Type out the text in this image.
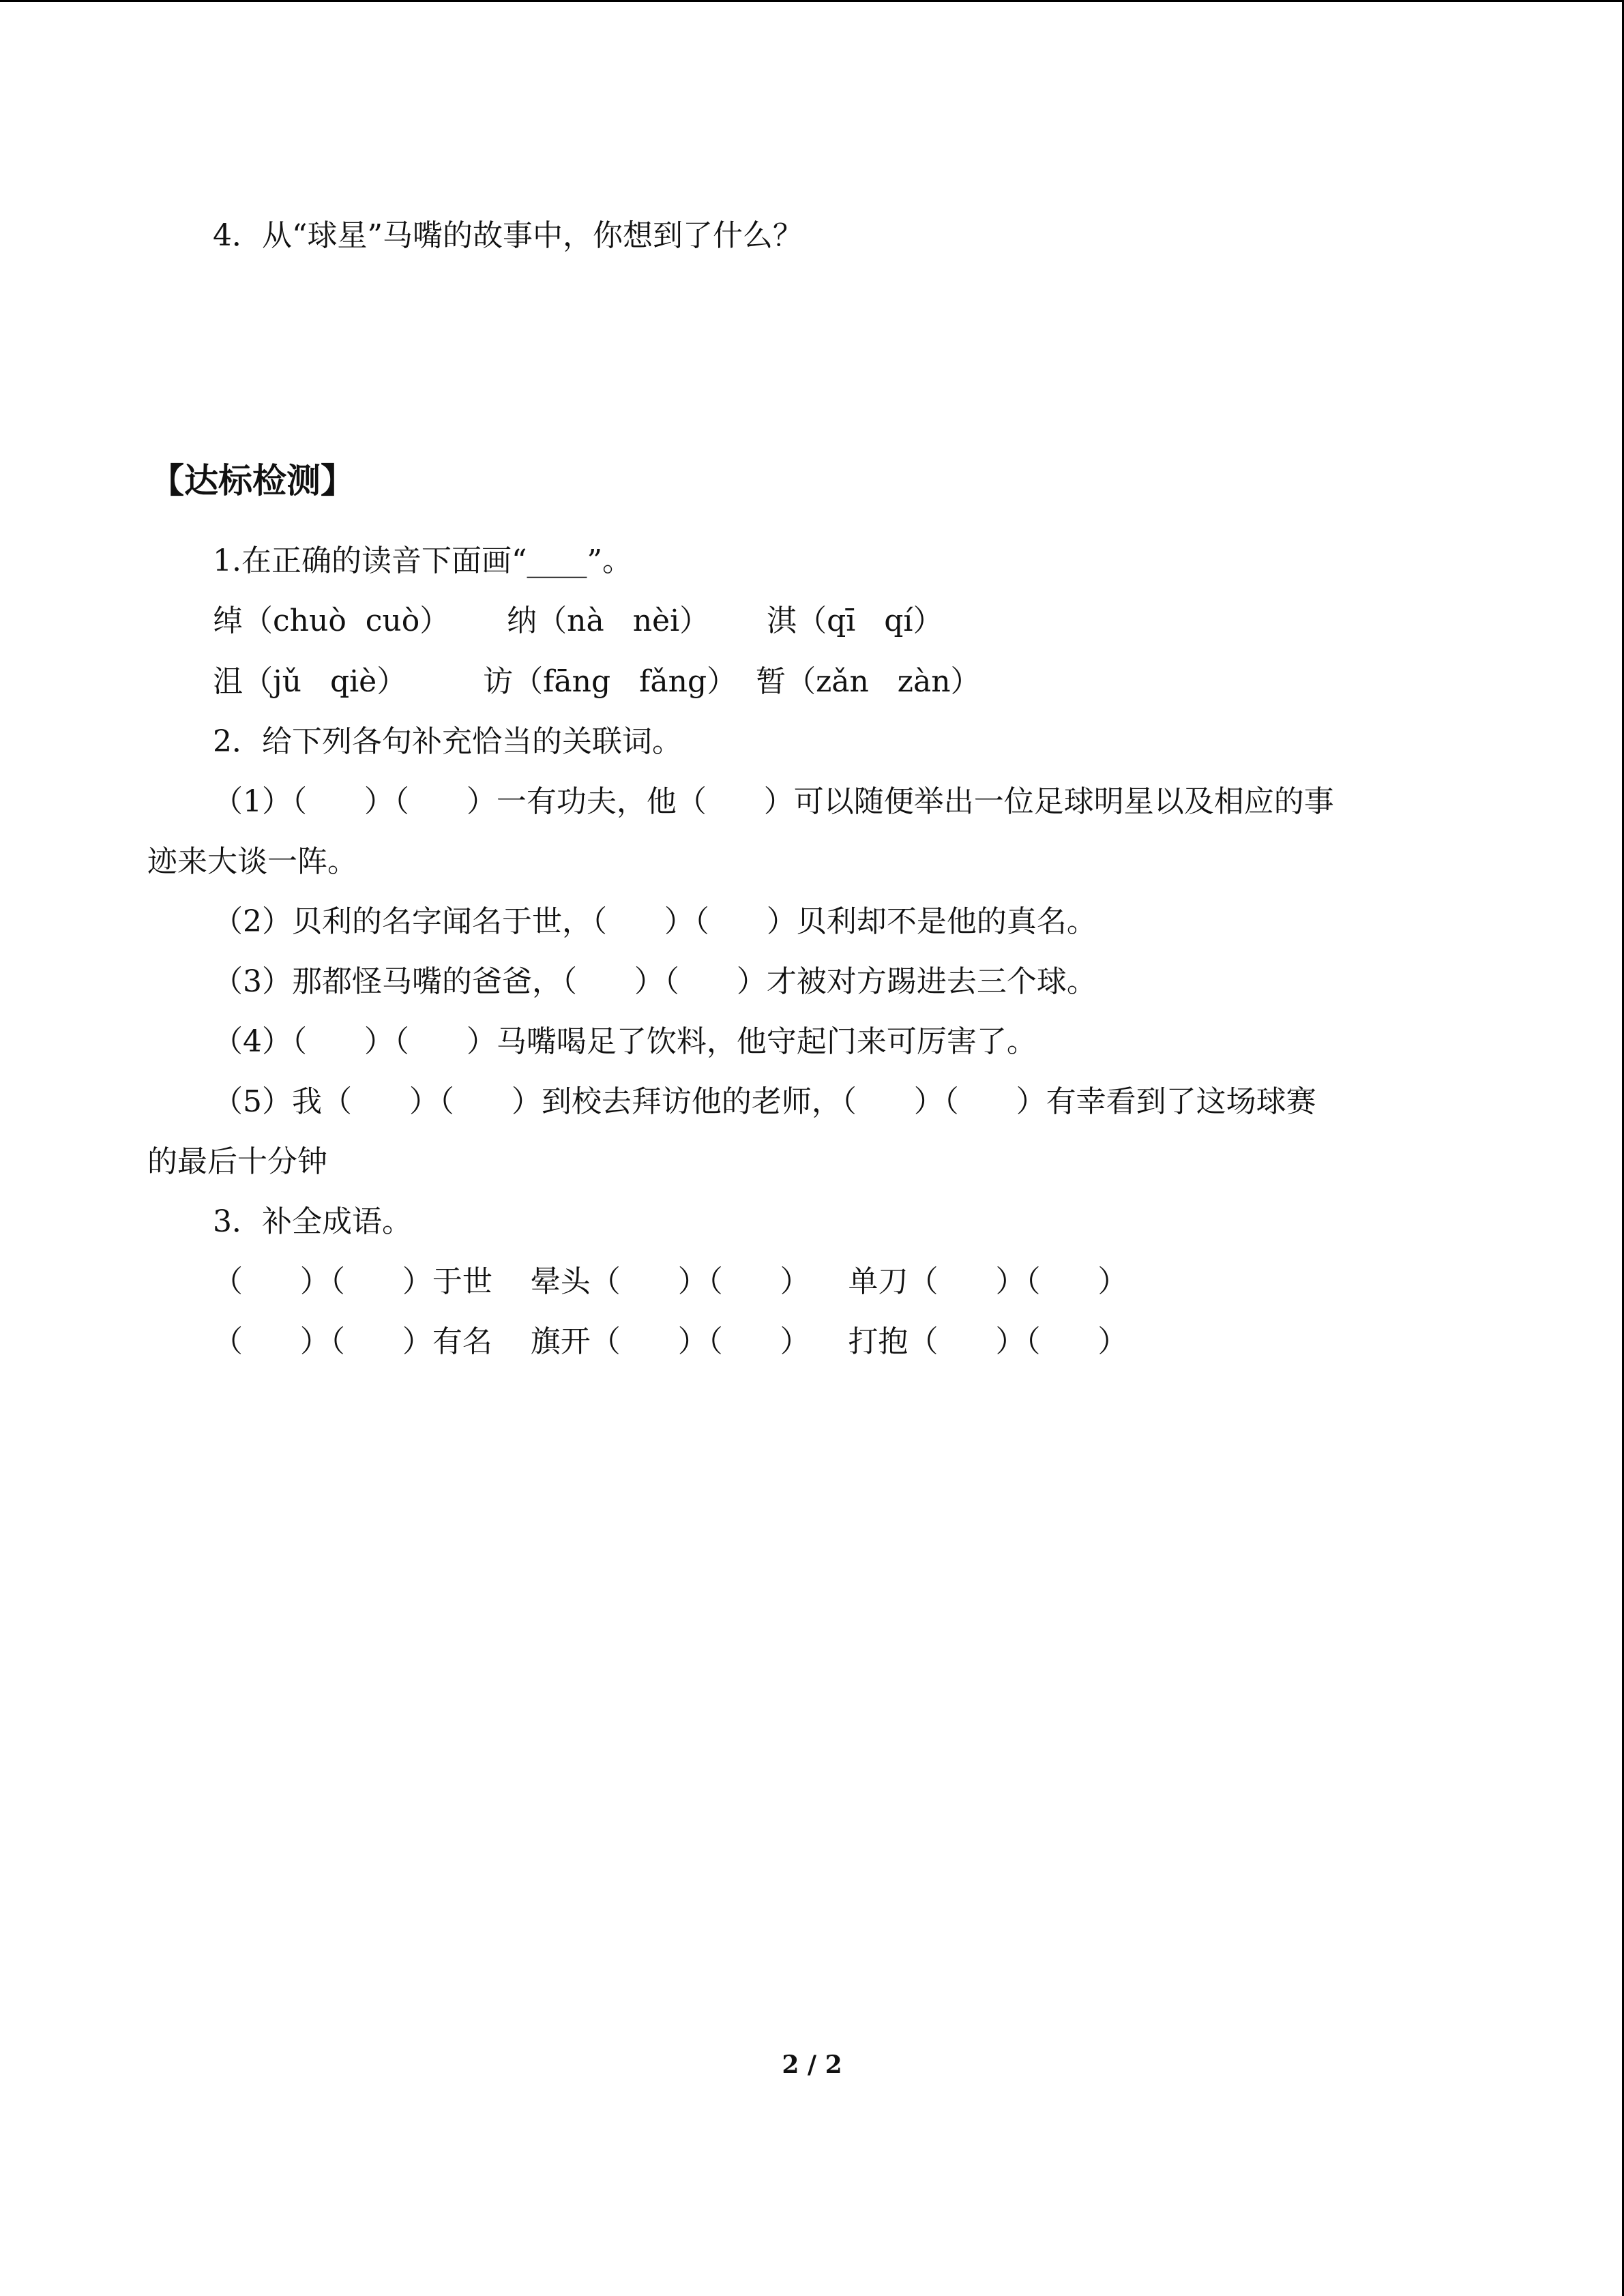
4．从“球星”马嘴的故事中，你想到了什么？
【达标检测】
1.在正确的读音下面画“____”。
绰（chuò  cuò）      纳（nà   nèi）      淇（qī   qí）
沮（jǔ   qiè）        访（fāng   fǎng）  暂（zǎn   zàn）
2．给下列各句补充恰当的关联词。
（1）（      ）（      ）一有功夫，他（      ）可以随便举出一位足球明星以及相应的事
迹来大谈一阵。
（2）贝利的名字闻名于世，（      ）（      ）贝利却不是他的真名。
（3）那都怪马嘴的爸爸，（      ）（      ）才被对方踢进去三个球。
（4）（      ）（      ）马嘴喝足了饮料，他守起门来可厉害了。
（5）我（      ）（      ）到校去拜访他的老师，（      ）（      ）有幸看到了这场球赛
的最后十分钟
3．补全成语。
（      ）（      ）于世    晕头（      ）（      ）    单刀（      ）（      ）
（      ）（      ）有名    旗开（      ）（      ）    打抱（      ）（      ）
2 / 2
